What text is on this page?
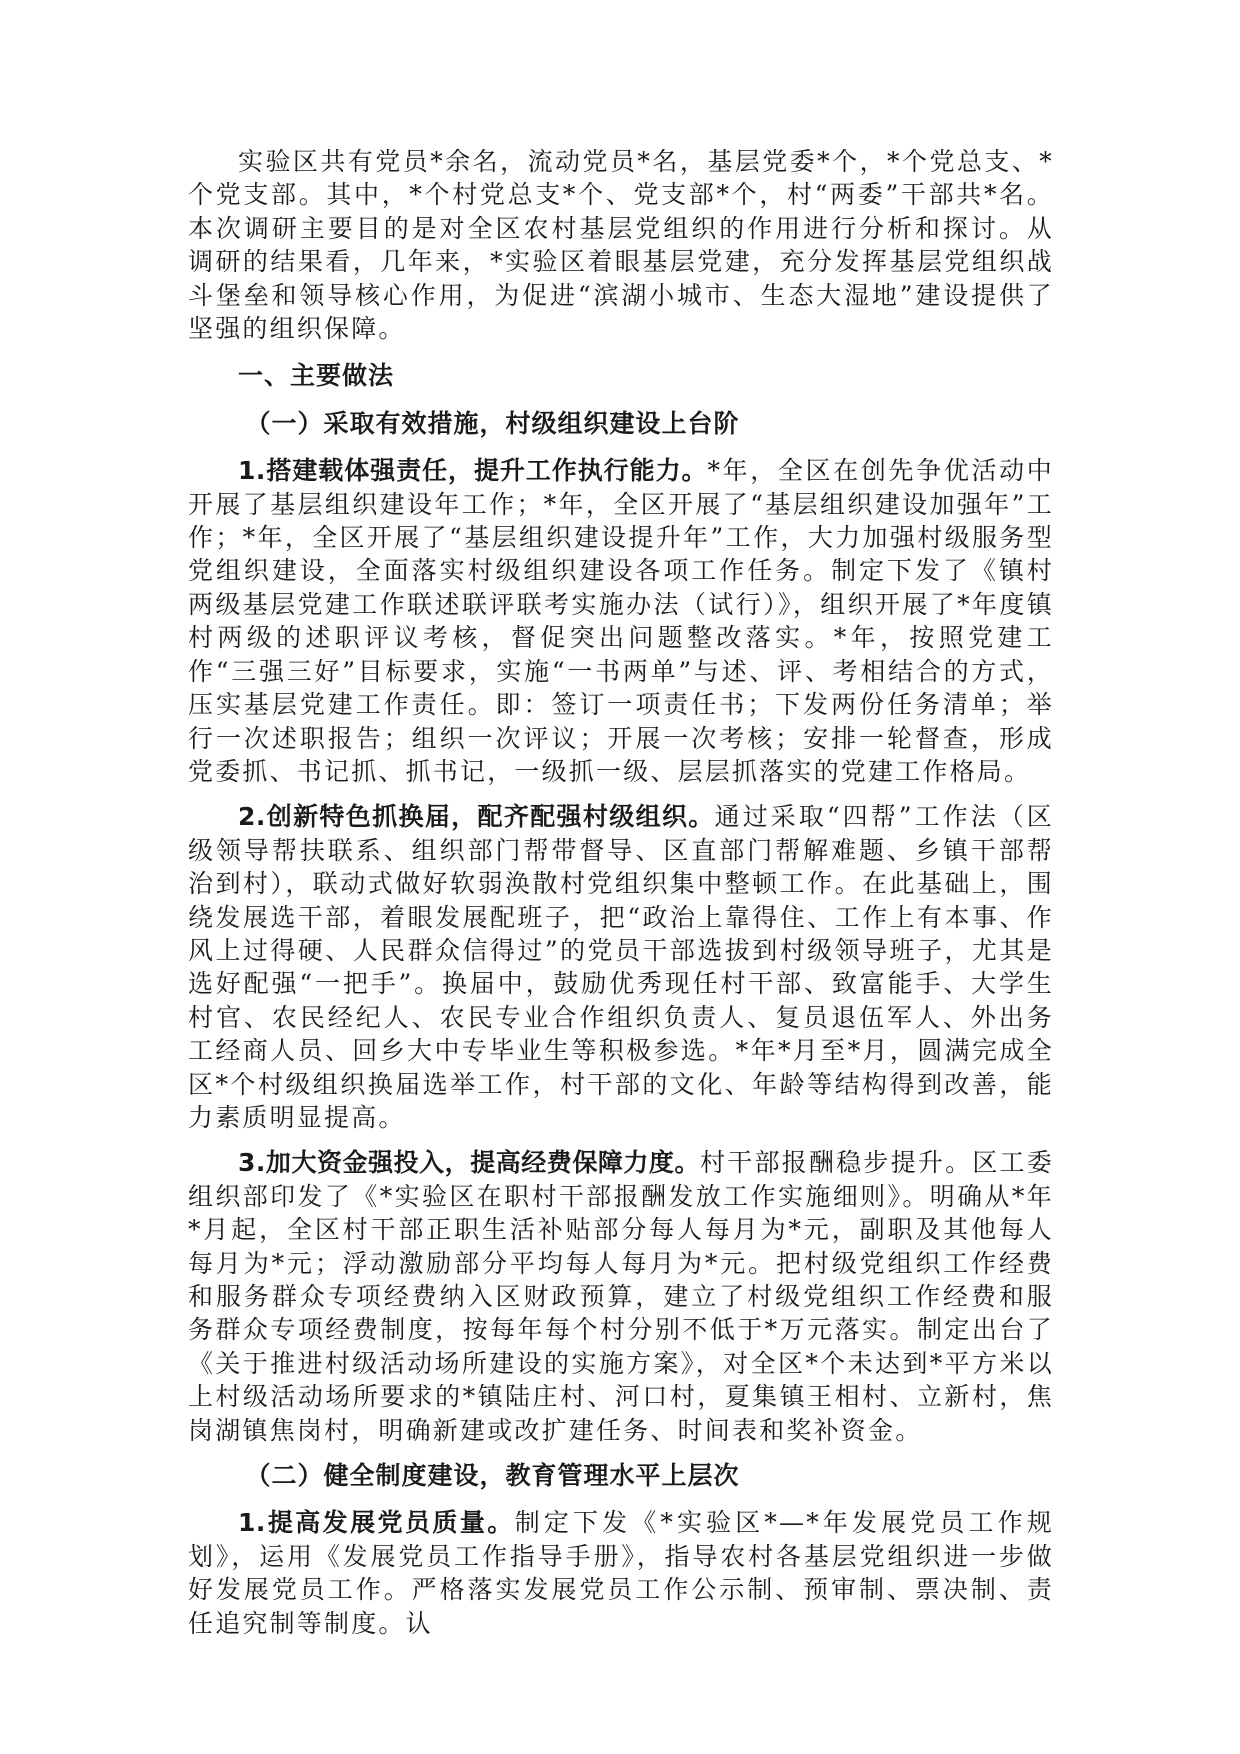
实验区共有党员*余名，流动党员*名，基层党委*个，*个党总支、*个党支部。其中，*个村党总支*个、党支部*个，村“两委”干部共*名。本次调研主要目的是对全区农村基层党组织的作用进行分析和探讨。从调研的结果看，几年来，*实验区着眼基层党建，充分发挥基层党组织战斗堡垒和领导核心作用，为促进“滨湖小城市、生态大湿地”建设提供了坚强的组织保障。

一、主要做法

（一）采取有效措施，村级组织建设上台阶

1.搭建载体强责任，提升工作执行能力。*年，全区在创先争优活动中开展了基层组织建设年工作；*年，全区开展了“基层组织建设加强年”工作；*年，全区开展了“基层组织建设提升年”工作，大力加强村级服务型党组织建设，全面落实村级组织建设各项工作任务。制定下发了《镇村两级基层党建工作联述联评联考实施办法（试行）》，组织开展了*年度镇村两级的述职评议考核，督促突出问题整改落实。*年，按照党建工作“三强三好”目标要求，实施“一书两单”与述、评、考相结合的方式，压实基层党建工作责任。即：签订一项责任书；下发两份任务清单；举行一次述职报告；组织一次评议；开展一次考核；安排一轮督查，形成党委抓、书记抓、抓书记，一级抓一级、层层抓落实的党建工作格局。

2.创新特色抓换届，配齐配强村级组织。通过采取“四帮”工作法（区级领导帮扶联系、组织部门帮带督导、区直部门帮解难题、乡镇干部帮治到村），联动式做好软弱涣散村党组织集中整顿工作。在此基础上，围绕发展选干部，着眼发展配班子，把“政治上靠得住、工作上有本事、作风上过得硬、人民群众信得过”的党员干部选拔到村级领导班子，尤其是选好配强“一把手”。换届中，鼓励优秀现任村干部、致富能手、大学生村官、农民经纪人、农民专业合作组织负责人、复员退伍军人、外出务工经商人员、回乡大中专毕业生等积极参选。*年*月至*月，圆满完成全区*个村级组织换届选举工作，村干部的文化、年龄等结构得到改善，能力素质明显提高。

3.加大资金强投入，提高经费保障力度。村干部报酬稳步提升。区工委组织部印发了《*实验区在职村干部报酬发放工作实施细则》。明确从*年*月起，全区村干部正职生活补贴部分每人每月为*元，副职及其他每人每月为*元；浮动激励部分平均每人每月为*元。把村级党组织工作经费和服务群众专项经费纳入区财政预算，建立了村级党组织工作经费和服务群众专项经费制度，按每年每个村分别不低于*万元落实。制定出台了《关于推进村级活动场所建设的实施方案》，对全区*个未达到*平方米以上村级活动场所要求的*镇陆庄村、河口村，夏集镇王相村、立新村，焦岗湖镇焦岗村，明确新建或改扩建任务、时间表和奖补资金。

（二）健全制度建设，教育管理水平上层次

1.提高发展党员质量。制定下发《*实验区*—*年发展党员工作规划》，运用《发展党员工作指导手册》，指导农村各基层党组织进一步做好发展党员工作。严格落实发展党员工作公示制、预审制、票决制、责任追究制等制度。认
